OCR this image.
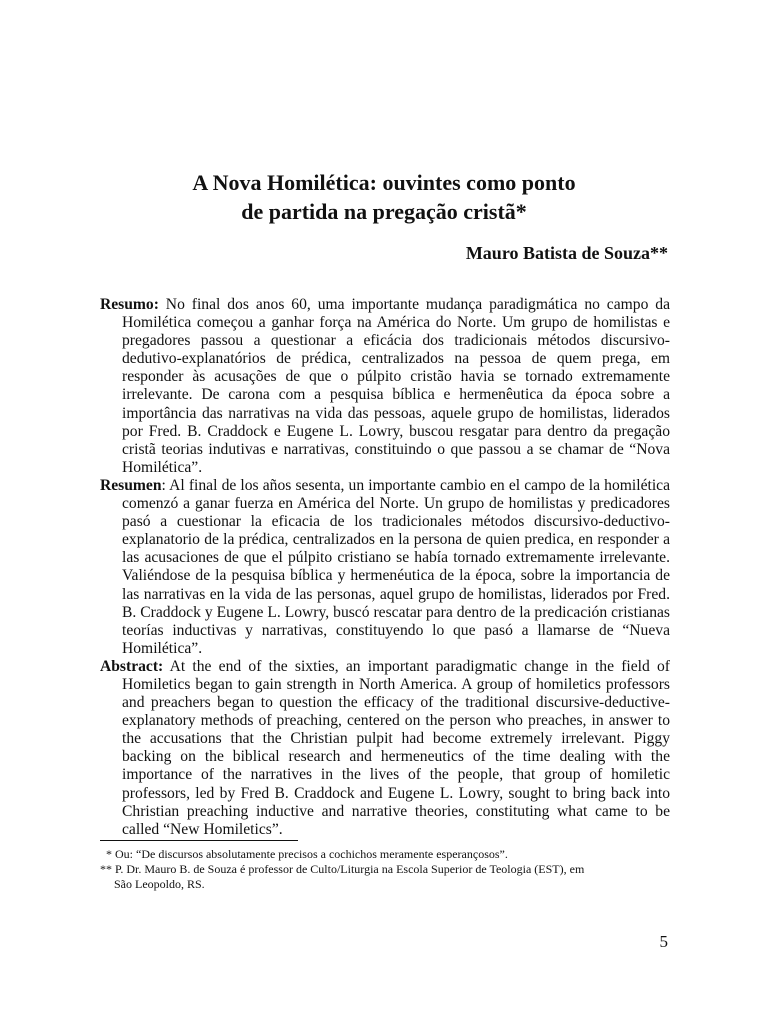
A Nova Homilética: ouvintes como ponto
de partida na pregação cristã*
Mauro Batista de Souza**

Resumo: No final dos anos 60, uma importante mudança paradigmática no campo da Homilética começou a ganhar força na América do Norte. Um grupo de homilistas e pregadores passou a questionar a eficácia dos tradicionais métodos discursivo-dedutivo-explanatórios de prédica, centralizados na pessoa de quem prega, em responder às acusações de que o púlpito cristão havia se tornado extremamente irrelevante. De carona com a pesquisa bíblica e hermenêutica da época sobre a importância das narrativas na vida das pessoas, aquele grupo de homilistas, liderados por Fred. B. Craddock e Eugene L. Lowry, buscou resgatar para dentro da pregação cristã teorias indutivas e narrativas, constituindo o que passou a se chamar de “Nova Homilética”.

Resumen: Al final de los años sesenta, un importante cambio en el campo de la homilética comenzó a ganar fuerza en América del Norte. Un grupo de homilistas y predicadores pasó a cuestionar la eficacia de los tradicionales métodos discursivo-deductivo-explanatorio de la prédica, centralizados en la persona de quien predica, en responder a las acusaciones de que el púlpito cristiano se había tornado extremamente irrelevante. Valiéndose de la pesquisa bíblica y hermenéutica de la época, sobre la importancia de las narrativas en la vida de las personas, aquel grupo de homilistas, liderados por Fred. B. Craddock y Eugene L. Lowry, buscó rescatar para dentro de la predicación cristianas teorías inductivas y narrativas, constituyendo lo que pasó a llamarse de “Nueva Homilética”.

Abstract: At the end of the sixties, an important paradigmatic change in the field of Homiletics began to gain strength in North America. A group of homiletics professors and preachers began to question the efficacy of the traditional discursive-deductive-explanatory methods of preaching, centered on the person who preaches, in answer to the accusations that the Christian pulpit had become extremely irrelevant. Piggy backing on the biblical research and hermeneutics of the time dealing with the importance of the narratives in the lives of the people, that group of homiletic professors, led by Fred B. Craddock and Eugene L. Lowry, sought to bring back into Christian preaching inductive and narrative theories, constituting what came to be called “New Homiletics”.

* Ou: “De discursos absolutamente precisos a cochichos meramente esperançosos”.

** P. Dr. Mauro B. de Souza é professor de Culto/Liturgia na Escola Superior de Teologia (EST), em

São Leopoldo, RS.

5
